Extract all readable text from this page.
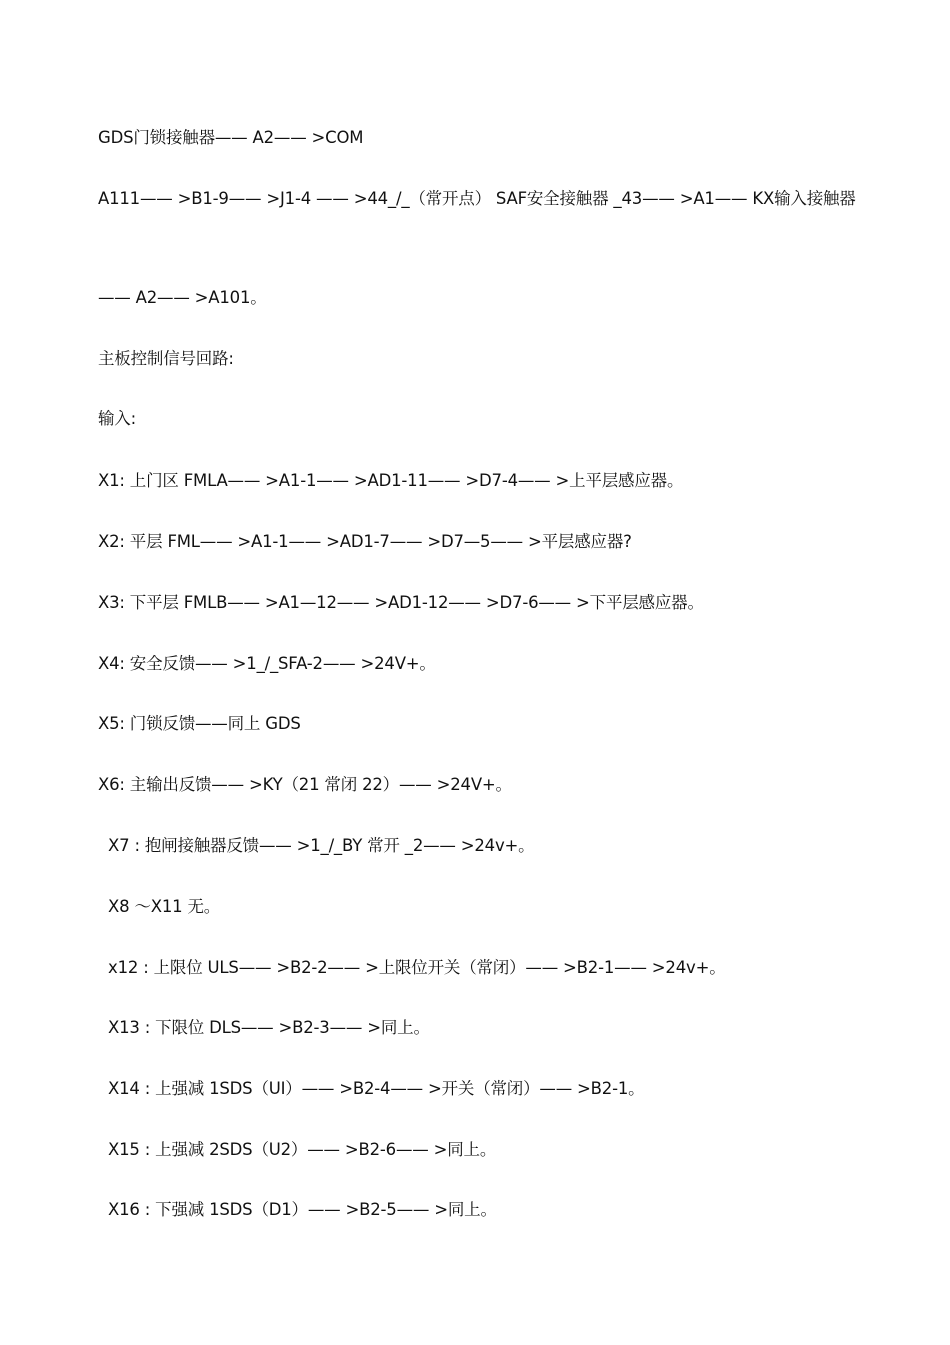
GDS门锁接触器—— A2—— >COM
A111—— >B1-9—— >J1-4 —— >44_/_（常开点） SAF安全接触器 _43—— >A1—— KX输入接触器
—— A2—— >A101。
主板控制信号回路:
输入:
X1: 上门区 FMLA—— >A1-1—— >AD1-11—— >D7-4—— >上平层感应器。
X2: 平层 FML—— >A1-1—— >AD1-7—— >D7—5—— >平层感应器?
X3: 下平层 FMLB—— >A1—12—— >AD1-12—— >D7-6—— >下平层感应器。
X4: 安全反馈—— >1_/_SFA-2—— >24V+。
X5: 门锁反馈——同上 GDS
X6: 主输出反馈—— >KY（21 常闭 22）—— >24V+。
X7 : 抱闸接触器反馈—— >1_/_BY 常开 _2—— >24v+。
X8 ～X11 无。
x12 : 上限位 ULS—— >B2-2—— >上限位开关（常闭）—— >B2-1—— >24v+。
X13 : 下限位 DLS—— >B2-3—— >同上。
X14 : 上强减 1SDS（UI）—— >B2-4—— >开关（常闭）—— >B2-1。
X15 : 上强减 2SDS（U2）—— >B2-6—— >同上。
X16 : 下强减 1SDS（D1）—— >B2-5—— >同上。
